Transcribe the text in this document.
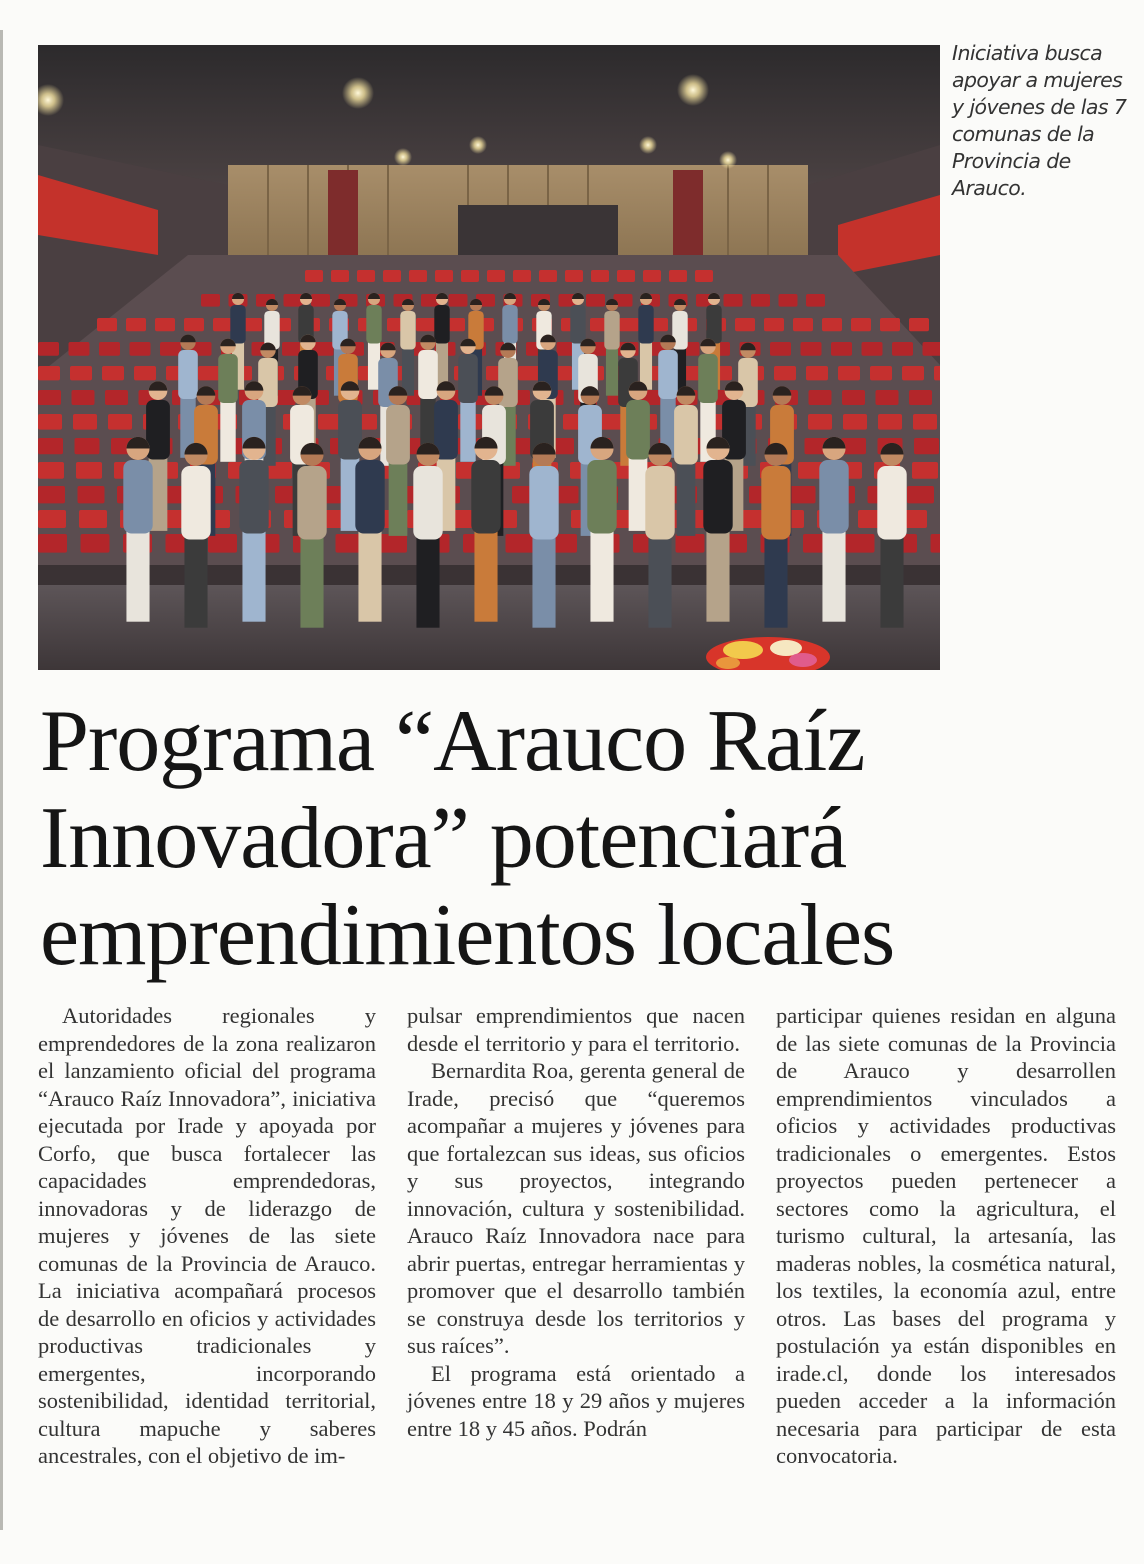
Iniciativa busca apoyar a mujeres y jóvenes de las 7 comunas de la Provincia de Arauco.
Programa “Arauco Raíz
Innovadora” potenciará
emprendimientos locales

Autoridades regionales y emprendedores de la zona realizaron el lanzamiento oficial del programa “Arauco Raíz Innovadora”, iniciativa ejecutada por Irade y apoyada por Corfo, que busca fortalecer las capacidades emprendedoras, innovadoras y de liderazgo de mujeres y jóvenes de las siete comunas de la Provincia de Arauco. La iniciativa acompañará procesos de desarrollo en oficios y actividades productivas tradicionales y emergentes, incorporando sostenibilidad, identidad territorial, cultura mapuche y saberes ancestrales, con el objetivo de im-

pulsar emprendimientos que nacen desde el territorio y para el territorio.

Bernardita Roa, gerenta general de Irade, precisó que “queremos acompañar a mujeres y jóvenes para que fortalezcan sus ideas, sus oficios y sus proyectos, integrando innovación, cultura y sostenibilidad. Arauco Raíz Innovadora nace para abrir puertas, entregar herramientas y promover que el desarrollo también se construya desde los territorios y sus raíces”.

El programa está orientado a jóvenes entre 18 y 29 años y mujeres entre 18 y 45 años. Podrán

participar quienes residan en alguna de las siete comunas de la Provincia de Arauco y desarrollen emprendimientos vinculados a oficios y actividades productivas tradicionales o emergentes. Estos proyectos pueden pertenecer a sectores como la agricultura, el turismo cultural, la artesanía, las maderas nobles, la cosmética natural, los textiles, la economía azul, entre otros. Las bases del programa y postulación ya están disponibles en irade.cl, donde los interesados pueden acceder a la información necesaria para participar de esta convocatoria.
